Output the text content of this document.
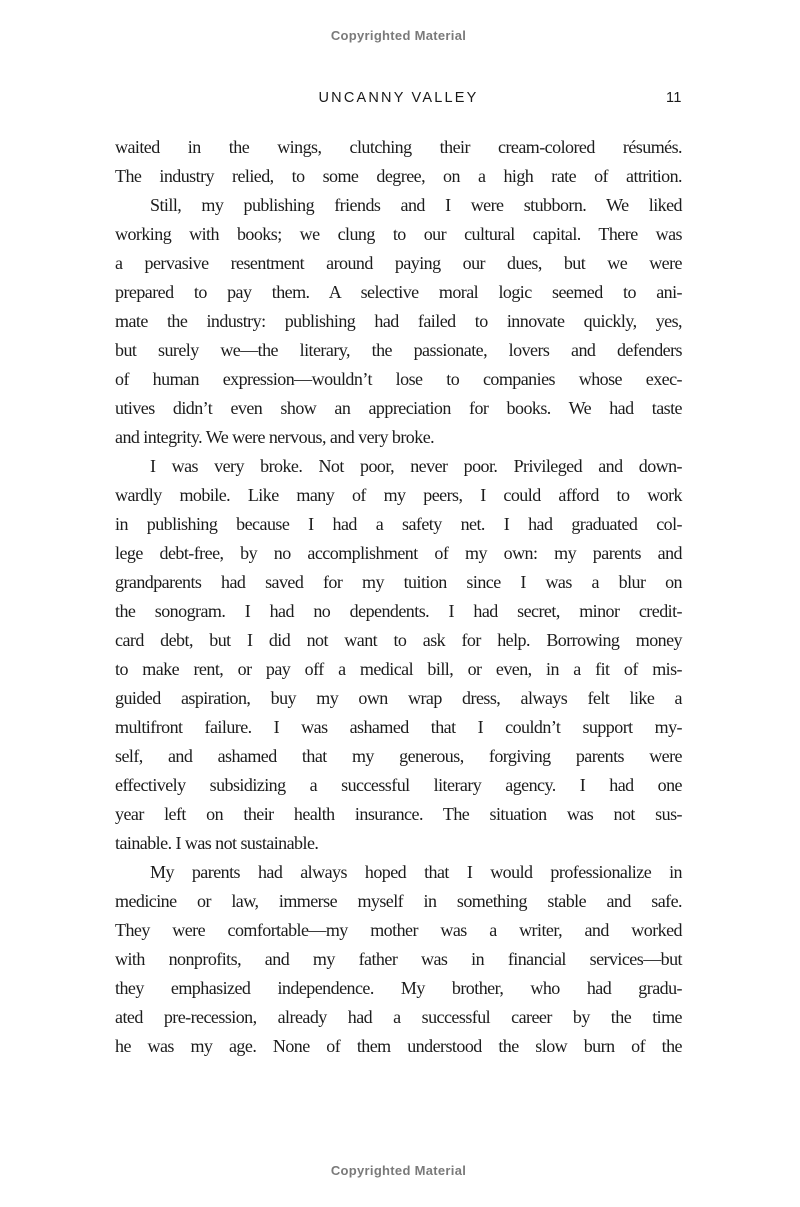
Copyrighted Material
UNCANNY VALLEY	11
waited in the wings, clutching their cream-colored résumés.
The industry relied, to some degree, on a high rate of attrition.
Still, my publishing friends and I were stubborn. We liked
working with books; we clung to our cultural capital. There was
a pervasive resentment around paying our dues, but we were
prepared to pay them. A selective moral logic seemed to ani-
mate the industry: publishing had failed to innovate quickly, yes,
but surely we—the literary, the passionate, lovers and defenders
of human expression—wouldn’t lose to companies whose exec-
utives didn’t even show an appreciation for books. We had taste
and integrity. We were nervous, and very broke.
I was very broke. Not poor, never poor. Privileged and down-
wardly mobile. Like many of my peers, I could afford to work
in publishing because I had a safety net. I had graduated col-
lege debt-free, by no accomplishment of my own: my parents and
grandparents had saved for my tuition since I was a blur on
the sonogram. I had no dependents. I had secret, minor credit-
card debt, but I did not want to ask for help. Borrowing money
to make rent, or pay off a medical bill, or even, in a fit of mis-
guided aspiration, buy my own wrap dress, always felt like a
multifront failure. I was ashamed that I couldn’t support my-
self, and ashamed that my generous, forgiving parents were
effectively subsidizing a successful literary agency. I had one
year left on their health insurance. The situation was not sus-
tainable. I was not sustainable.
My parents had always hoped that I would professionalize in
medicine or law, immerse myself in something stable and safe.
They were comfortable—my mother was a writer, and worked
with nonprofits, and my father was in financial services—but
they emphasized independence. My brother, who had gradu-
ated pre-recession, already had a successful career by the time
he was my age. None of them understood the slow burn of the
Copyrighted Material
